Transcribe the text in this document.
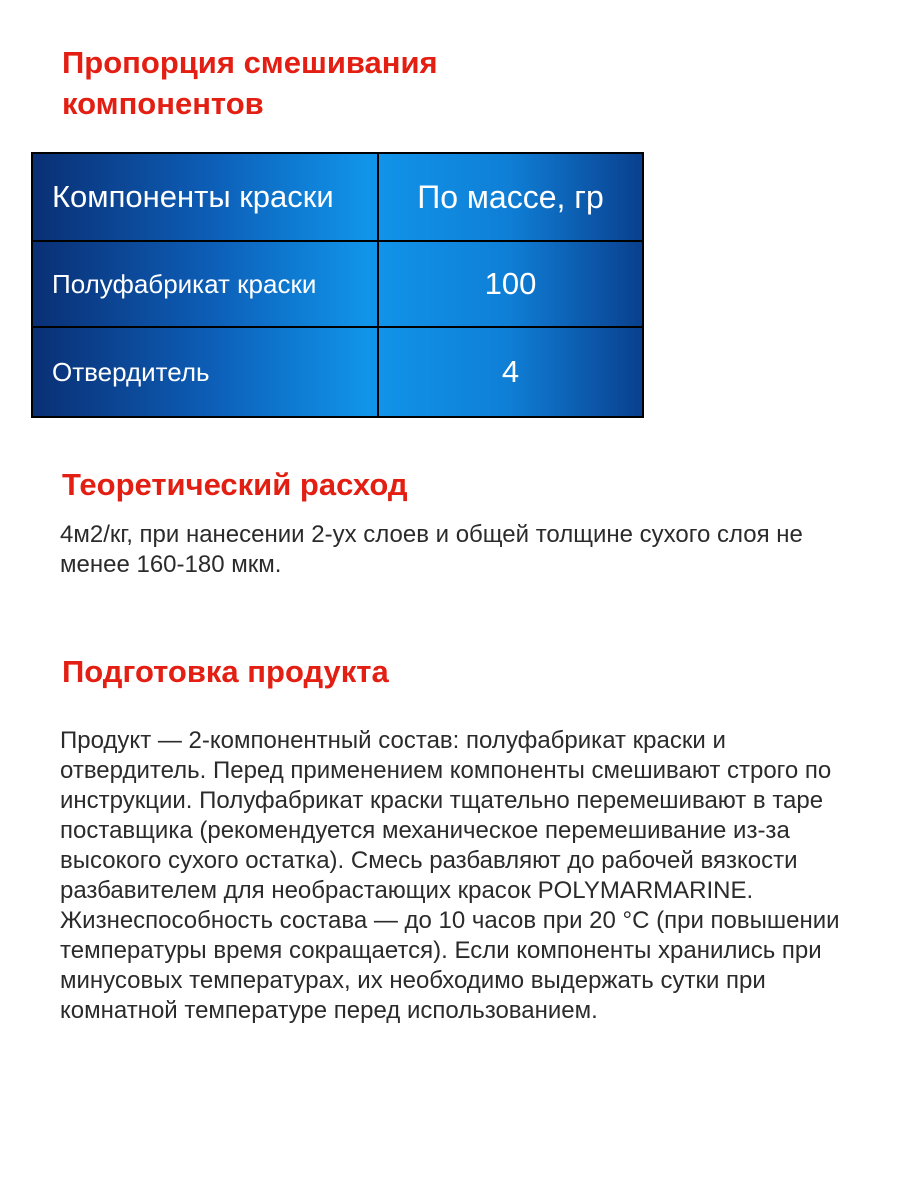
Пропорция смешивания компонентов
Компоненты краски	По массе, гр
Полуфабрикат краски	100
Отвердитель	4
Теоретический расход

4м2/кг, при нанесении 2-ух слоев и общей толщине сухого слоя не менее 160-180 мкм.

Подготовка продукта

Продукт — 2-компонентный состав: полуфабрикат краски и отвердитель. Перед применением компоненты смешивают строго по инструкции. Полуфабрикат краски тщательно перемешивают в таре поставщика (рекомендуется механическое перемешивание из-за высокого сухого остатка). Смесь разбавляют до рабочей вязкости разбавителем для необрастающих красок POLYMARMARINE. Жизнеспособность состава — до 10 часов при 20 °C (при повышении температуры время сокращается). Если компоненты хранились при минусовых температурах, их необходимо выдержать сутки при комнатной температуре перед использованием.
